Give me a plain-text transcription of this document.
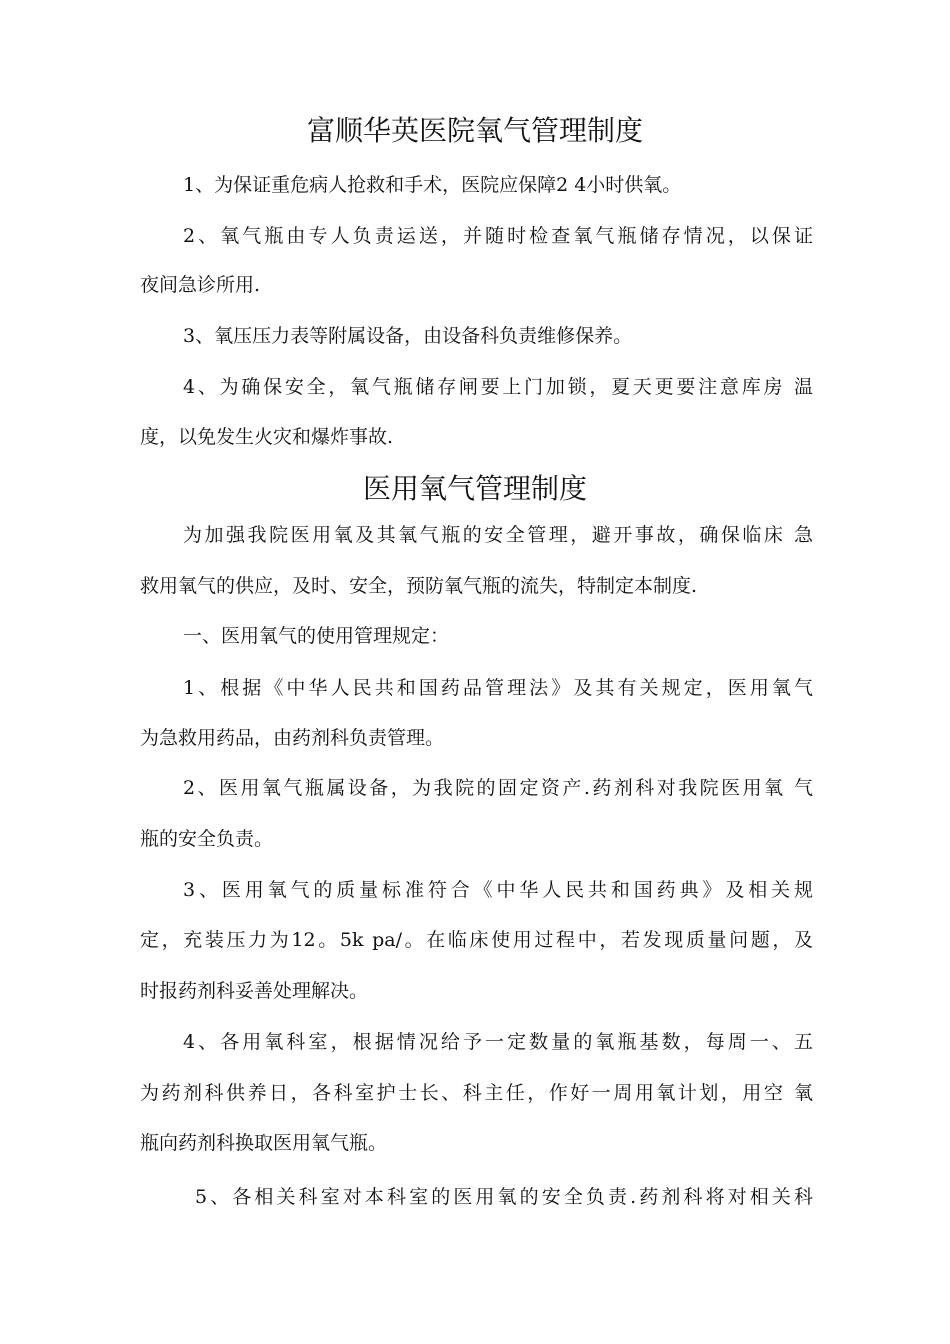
富顺华英医院氧气管理制度
1、为保证重危病人抢救和手术，医院应保障2 4小时供氧。
2、氧气瓶由专人负责运送，并随时检查氧气瓶储存情况，以保证
夜间急诊所用.
3、氧压压力表等附属设备，由设备科负责维修保养。
4、为确保安全，氧气瓶储存闸要上门加锁，夏天更要注意库房 温
度，以免发生火灾和爆炸事故.
医用氧气管理制度
为加强我院医用氧及其氧气瓶的安全管理，避开事故，确保临床 急
救用氧气的供应，及时、安全，预防氧气瓶的流失，特制定本制度.
一、医用氧气的使用管理规定：
1、根据《中华人民共和国药品管理法》及其有关规定，医用氧气
为急救用药品，由药剂科负责管理。
2、医用氧气瓶属设备，为我院的固定资产.药剂科对我院医用氧 气
瓶的安全负责。
3、医用氧气的质量标准符合《中华人民共和国药典》及相关规
定，充装压力为12。5k pa/。在临床使用过程中，若发现质量问题，及
时报药剂科妥善处理解决。
4、各用氧科室，根据情况给予一定数量的氧瓶基数，每周一、五
为药剂科供养日，各科室护士长、科主任，作好一周用氧计划，用空 氧
瓶向药剂科换取医用氧气瓶。
5、各相关科室对本科室的医用氧的安全负责.药剂科将对相关科
